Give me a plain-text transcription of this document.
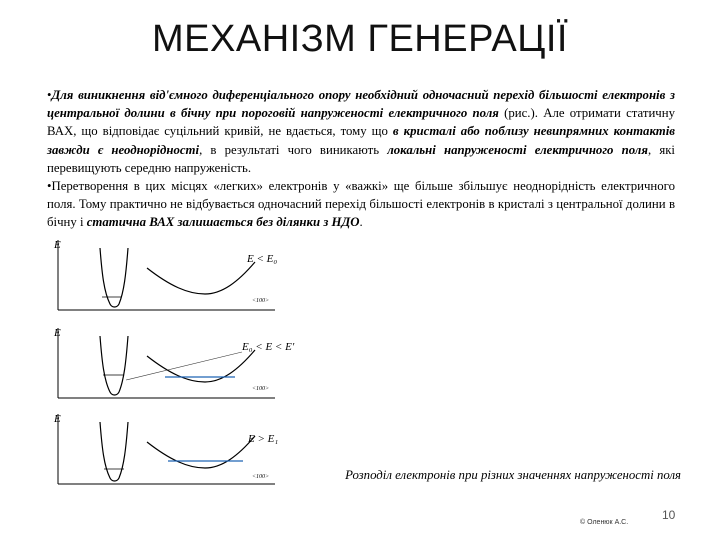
МЕХАНІЗМ ГЕНЕРАЦІЇ

•Для виникнення від'ємного диференціального опору необхідний одночасний перехід більшості електронів з центральної долини в бічну при пороговій напруженості електричного поля (рис.). Але отримати статичну ВАХ, що відповідає суцільний кривій, не вдається, тому що в кристалі або поблизу невипрямних контактів завжди є неоднорідності, в результаті чого виникають локальні напруженості електричного поля, які перевищують середню напруженість.

•Перетворення в цих місцях «легких» електронів у «важкі» ще більше збільшує неоднорідність електричного поля. Тому практично не відбувається одночасний перехід більшості електронів в кристалі з центральної долини в бічну і статична ВАХ залишається без ділянки з НДО.

E
E < E₀
<100>
E
E₀ < E < Eʹ
<100>
E
E > E₁
<100>	Розподіл електронів при різних значеннях напруженості поля
© Оленюк А.С.
10
